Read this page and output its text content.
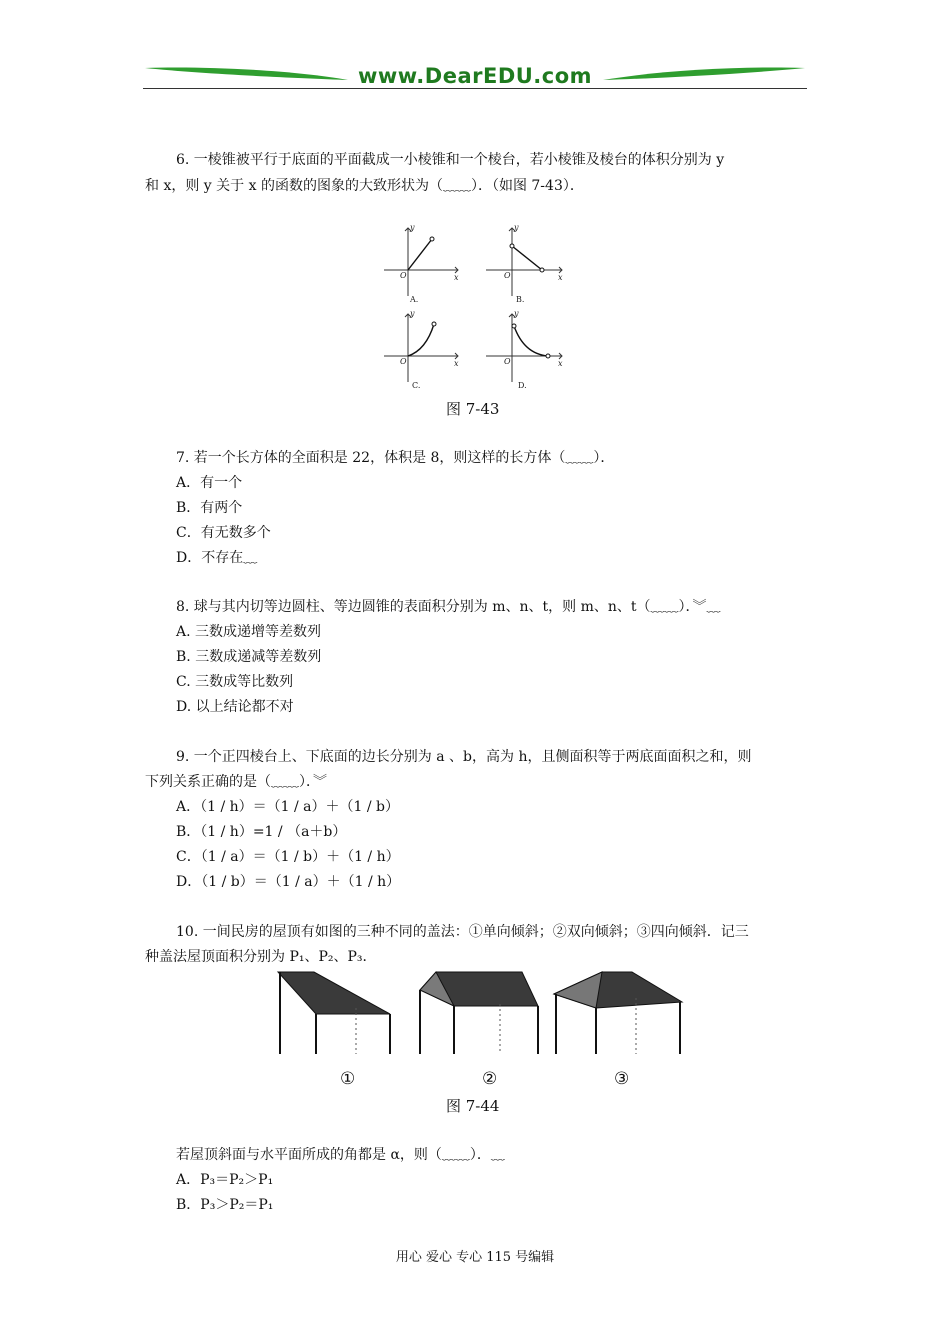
www.DearEDU.com
6. 一棱锥被平行于底面的平面截成一小棱锥和一个棱台，若小棱锥及棱台的体积分别为 y
和 x，则 y 关于 x 的函数的图象的大致形状为（﹏﹏）．（如图 7-43）．
O	x
y
A.
O	x
y
B.
O	x
y
C.
O	x
y
D.
图 7-43
7. 若一个长方体的全面积是 22，体积是 8，则这样的长方体（﹏﹏）．
A．有一个
B．有两个
C．有无数多个
D．不存在﹏
8. 球与其内切等边圆柱、等边圆锥的表面积分别为 m、n、t，则 m、n、t（﹏﹏）．︾﹏
A. 三数成递增等差数列
B. 三数成递减等差数列
C. 三数成等比数列
D. 以上结论都不对
9. 一个正四棱台上、下底面的边长分别为 a 、b，高为 h，且侧面积等于两底面面积之和，则
下列关系正确的是（﹏﹏）．︾
A．（1 / h）＝（1 / a）＋（1 / b）
B．（1 / h）=1 / （a＋b）
C．（1 / a）＝（1 / b）＋（1 / h）
D．（1 / b）＝（1 / a）＋（1 / h）
10. 一间民房的屋顶有如图的三种不同的盖法：①单向倾斜；②双向倾斜；③四向倾斜．记三
种盖法屋顶面积分别为 P₁、P₂、P₃．
①	②	③
图 7-44
若屋顶斜面与水平面所成的角都是 α，则（﹏﹏）．﹏
A．P₃＝P₂＞P₁
B．P₃＞P₂＝P₁
用心 爱心 专心 115 号编辑
